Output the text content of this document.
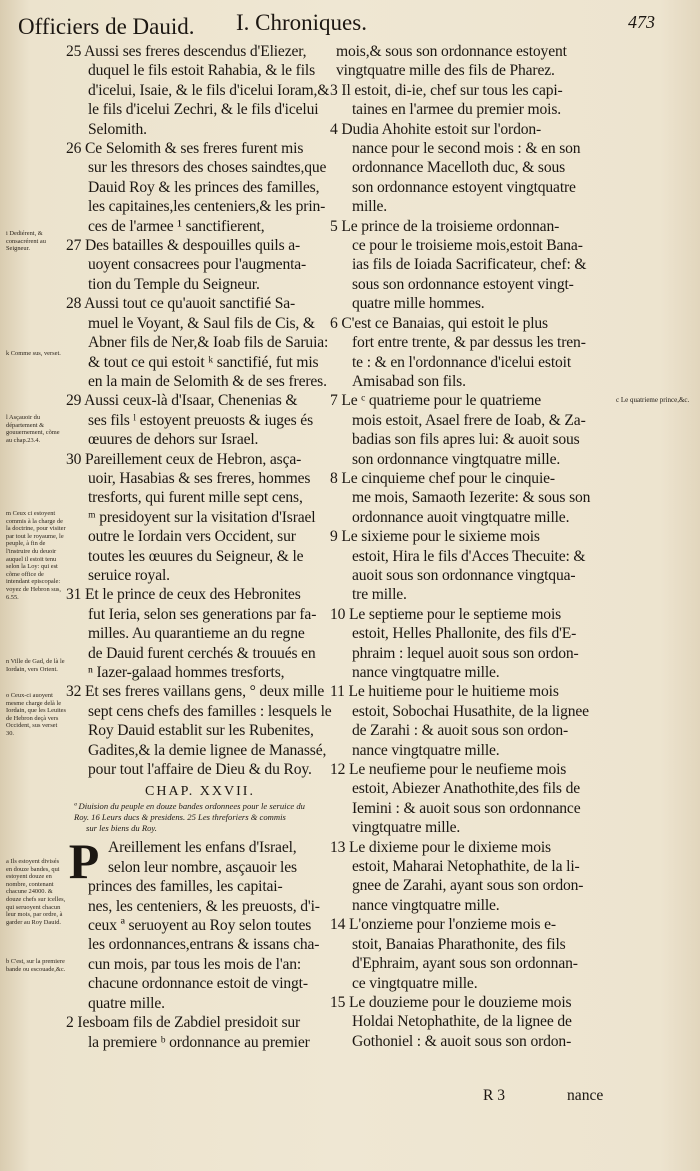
Officiers de Dauid. I. Chroniques.	473
i Dediérent, & consacrérent au Seigneur.
k Comme sus, verset.
l Asçauoir du département & gouuernement, cõme au chap.23.4.
m Ceux ci estoyent commis à la charge de la doctrine, pour visiter par tout le royaume, le peuple, à fin de l'instruire du deuoir auquel il estoit tenu selon la Loy: qui est cõme office de intendant episcopale: voyez de Hebron sus, 6.55.
n Ville de Gad, de là le Iordain, vers Orient.
o Ceux-ci auoyent mesme charge delà le Iordain, que les Leuites de Hebron deçà vers Occident, sus verset 30.
a Ils estoyent divisés en douze bandes, qui estoyent douze en nombre, contenant chacune 24000. & douze chefs sur icelles, qui seruoyent chacun leur mois, par ordre, à garder au Roy Dauid.
b C'est, sur la premiere bande ou escouade,&c.
25 Aussi ses freres descendus d'Eliezer,
duquel le fils estoit Rahabia, & le fils
d'icelui, Isaie, & le fils d'icelui Ioram,&
le fils d'icelui Zechri, & le fils d'icelui
Selomith.
26 Ce Selomith & ses freres furent mis
sur les thresors des choses saindtes,que
Dauid Roy & les princes des familles,
les capitaines,les centeniers,& les prin-
ces de l'armee ¹ sanctifierent,
27 Des batailles & despouilles quils a-
uoyent consacrees pour l'augmenta-
tion du Temple du Seigneur.
28 Aussi tout ce qu'auoit sanctifié Sa-
muel le Voyant, & Saul fils de Cis, &
Abner fils de Ner,& Ioab fils de Saruia:
& tout ce qui estoit ᵏ sanctifié, fut mis
en la main de Selomith & de ses freres.
29 Aussi ceux-là d'Isaar, Chenenias &
ses fils ˡ estoyent preuosts & iuges és
œuures de dehors sur Israel.
30 Pareillement ceux de Hebron, asça-
uoir, Hasabias & ses freres, hommes
tresforts, qui furent mille sept cens,
ᵐ presidoyent sur la visitation d'Israel
outre le Iordain vers Occident, sur
toutes les œuures du Seigneur, & le
seruice royal.
31 Et le prince de ceux des Hebronites
fut Ieria, selon ses generations par fa-
milles. Au quarantieme an du regne
de Dauid furent cerchés & trouués en
ⁿ Iazer-galaad hommes tresforts,
32 Et ses freres vaillans gens, ° deux mille
sept cens chefs des familles : lesquels le
Roy Dauid establit sur les Rubenites,
Gadites,& la demie lignee de Manassé,
pour tout l'affaire de Dieu & du Roy.
CHAP. XXVII.
ª Diuision du peuple en douze bandes ordonnees pour le seruice du
Roy. 16 Leurs ducs & presidens. 25 Les threforiers & commis
sur les biens du Roy.
P Areillement les enfans d'Israel,
selon leur nombre, asçauoir les
princes des familles, les capitai-
nes, les centeniers, & les preuosts, d'i-
ceux ª seruoyent au Roy selon toutes
les ordonnances,entrans & issans cha-
cun mois, par tous les mois de l'an:
chacune ordonnance estoit de vingt-
quatre mille.
2 Iesboam fils de Zabdiel presidoit sur
la premiere ᵇ ordonnance au premier
mois,& sous son ordonnance estoyent
vingtquatre mille des fils de Pharez.
3 Il estoit, di-ie, chef sur tous les capi-
taines en l'armee du premier mois.
4 Dudia Ahohite estoit sur l'ordon-
nance pour le second mois : & en son
ordonnance Macelloth duc, & sous
son ordonnance estoyent vingtquatre
mille.
5 Le prince de la troisieme ordonnan-
ce pour le troisieme mois,estoit Bana-
ias fils de Ioiada Sacrificateur, chef: &
sous son ordonnance estoyent vingt-
quatre mille hommes.
6 C'est ce Banaias, qui estoit le plus
fort entre trente, & par dessus les tren-
te : & en l'ordonnance d'icelui estoit
Amisabad son fils.
7 Le ᶜ quatrieme pour le quatrieme
mois estoit, Asael frere de Ioab, & Za-
badias son fils apres lui: & auoit sous
son ordonnance vingtquatre mille.
8 Le cinquieme chef pour le cinquie-
me mois, Samaoth Iezerite: & sous son
ordonnance auoit vingtquatre mille.
9 Le sixieme pour le sixieme mois
estoit, Hira le fils d'Acces Thecuite: &
auoit sous son ordonnance vingtqua-
tre mille.
10 Le septieme pour le septieme mois
estoit, Helles Phallonite, des fils d'E-
phraim : lequel auoit sous son ordon-
nance vingtquatre mille.
11 Le huitieme pour le huitieme mois
estoit, Sobochai Husathite, de la lignee
de Zarahi : & auoit sous son ordon-
nance vingtquatre mille.
12 Le neufieme pour le neufieme mois
estoit, Abiezer Anathothite,des fils de
Iemini : & auoit sous son ordonnance
vingtquatre mille.
13 Le dixieme pour le dixieme mois
estoit, Maharai Netophathite, de la li-
gnee de Zarahi, ayant sous son ordon-
nance vingtquatre mille.
14 L'onzieme pour l'onzieme mois e-
stoit, Banaias Pharathonite, des fils
d'Ephraim, ayant sous son ordonnan-
ce vingtquatre mille.
15 Le douzieme pour le douzieme mois
Holdai Netophathite, de la lignee de
Gothoniel : & auoit sous son ordon-
c Le quatrieme prince,&c.
R 3	nance
